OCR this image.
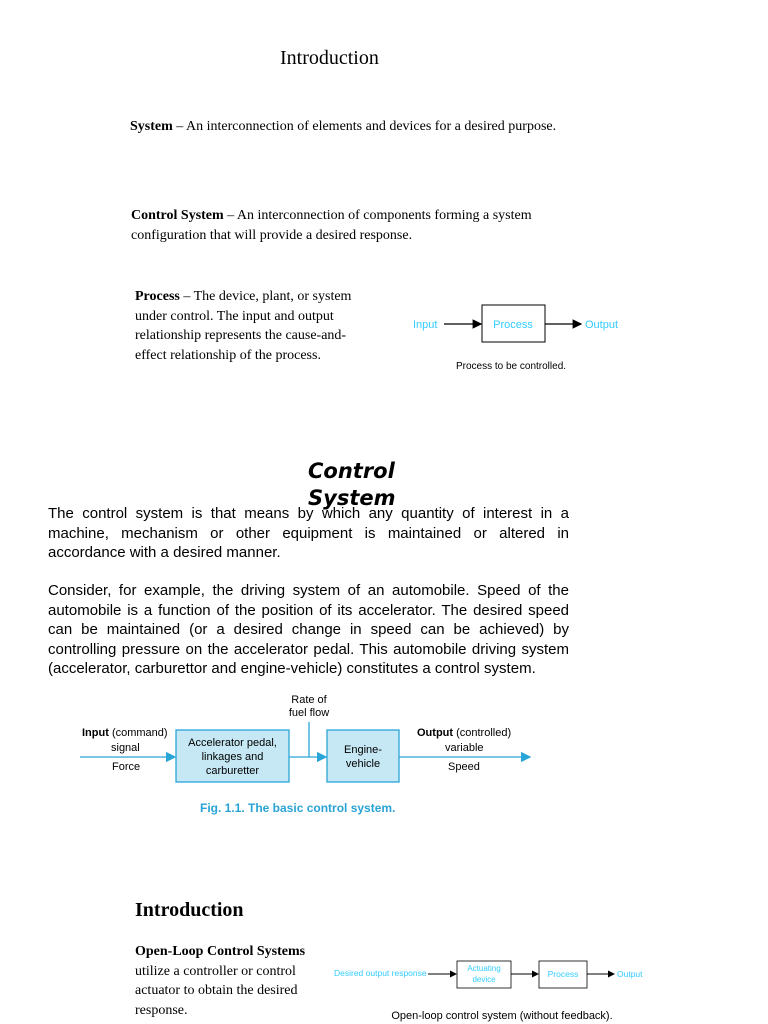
Introduction
System – An interconnection of elements and devices for a desired purpose.
Control System – An interconnection of components forming a system
configuration that will provide a desired response.
Process – The device, plant, or system
under control. The input and output
relationship represents the cause-and-
effect relationship of the process.
Input	Process	Output
Process to be controlled.
Control System
The control system is that means by which any quantity of interest in a machine, mechanism or other equipment is maintained or altered in accordance with a desired manner.
Consider, for example, the driving system of an automobile. Speed of the automobile is a function of the position of its accelerator. The desired speed can be maintained (or a desired change in speed can be achieved) by controlling pressure on the accelerator pedal. This automobile driving system (accelerator, carburettor and engine-vehicle) constitutes a control system.
Input (command)
signal
Force
Accelerator pedal,
linkages and
carburetter
Rate of
fuel flow
Engine-
vehicle
Output (controlled)
variable
Speed
Fig. 1.1. The basic control system.
Introduction
Open-Loop Control Systems
utilize a controller or control
actuator to obtain the desired
response.
Desired output response	Actuating
device
Process	Output
Open-loop control system (without feedback).
